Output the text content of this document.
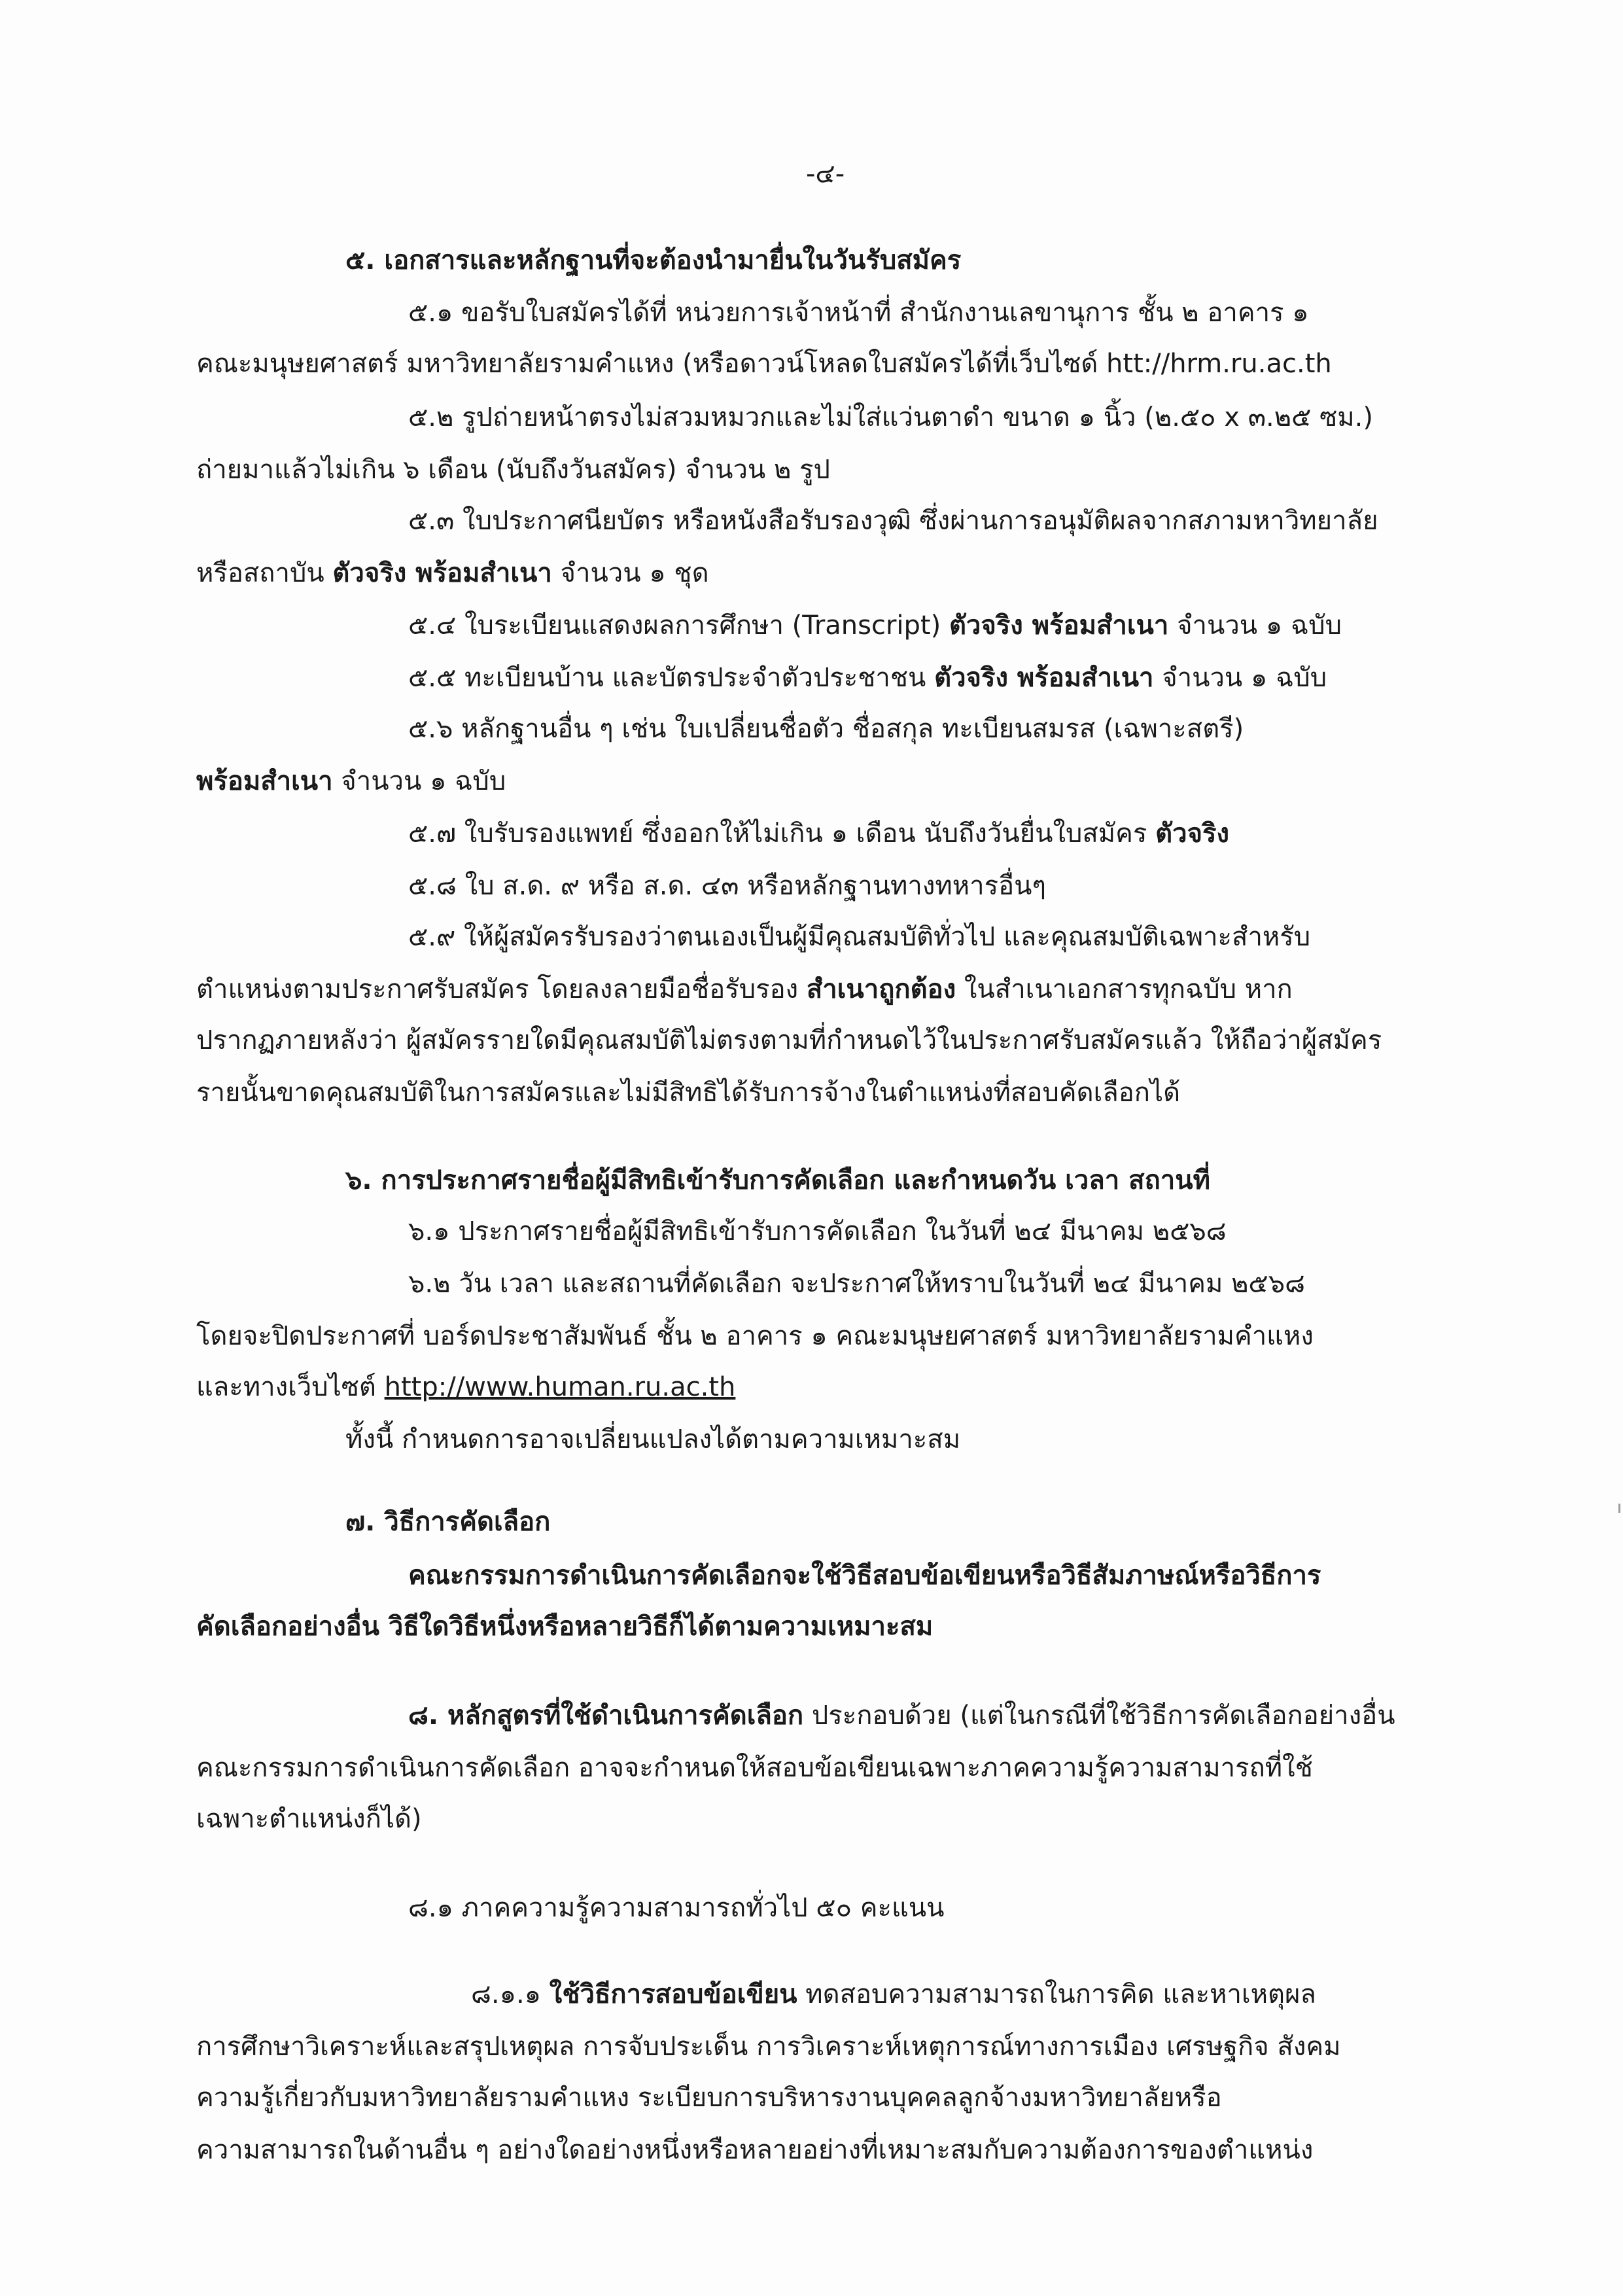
-๔-
๕. เอกสารและหลักฐานที่จะต้องนำมายื่นในวันรับสมัคร
๕.๑ ขอรับใบสมัครได้ที่ หน่วยการเจ้าหน้าที่ สำนักงานเลขานุการ ชั้น ๒ อาคาร ๑
คณะมนุษยศาสตร์ มหาวิทยาลัยรามคำแหง (หรือดาวน์โหลดใบสมัครได้ที่เว็บไซด์ htt://hrm.ru.ac.th
๕.๒ รูปถ่ายหน้าตรงไม่สวมหมวกและไม่ใส่แว่นตาดำ ขนาด ๑ นิ้ว (๒.๕๐ x ๓.๒๕ ซม.)
ถ่ายมาแล้วไม่เกิน ๖ เดือน (นับถึงวันสมัคร) จำนวน ๒ รูป
๕.๓ ใบประกาศนียบัตร หรือหนังสือรับรองวุฒิ ซึ่งผ่านการอนุมัติผลจากสภามหาวิทยาลัย
หรือสถาบัน ตัวจริง พร้อมสำเนา จำนวน ๑ ชุด
๕.๔ ใบระเบียนแสดงผลการศึกษา (Transcript) ตัวจริง พร้อมสำเนา จำนวน ๑ ฉบับ
๕.๕ ทะเบียนบ้าน และบัตรประจำตัวประชาชน ตัวจริง พร้อมสำเนา จำนวน ๑ ฉบับ
๕.๖ หลักฐานอื่น ๆ เช่น ใบเปลี่ยนชื่อตัว ชื่อสกุล ทะเบียนสมรส (เฉพาะสตรี)
พร้อมสำเนา จำนวน ๑ ฉบับ
๕.๗ ใบรับรองแพทย์ ซึ่งออกให้ไม่เกิน ๑ เดือน นับถึงวันยื่นใบสมัคร ตัวจริง
๕.๘ ใบ ส.ด. ๙ หรือ ส.ด. ๔๓ หรือหลักฐานทางทหารอื่นๆ
๕.๙ ให้ผู้สมัครรับรองว่าตนเองเป็นผู้มีคุณสมบัติทั่วไป และคุณสมบัติเฉพาะสำหรับ
ตำแหน่งตามประกาศรับสมัคร โดยลงลายมือชื่อรับรอง สำเนาถูกต้อง ในสำเนาเอกสารทุกฉบับ หาก
ปรากฏภายหลังว่า ผู้สมัครรายใดมีคุณสมบัติไม่ตรงตามที่กำหนดไว้ในประกาศรับสมัครแล้ว ให้ถือว่าผู้สมัคร
รายนั้นขาดคุณสมบัติในการสมัครและไม่มีสิทธิได้รับการจ้างในตำแหน่งที่สอบคัดเลือกได้
๖. การประกาศรายชื่อผู้มีสิทธิเข้ารับการคัดเลือก และกำหนดวัน เวลา สถานที่
๖.๑ ประกาศรายชื่อผู้มีสิทธิเข้ารับการคัดเลือก ในวันที่ ๒๔ มีนาคม ๒๕๖๘
๖.๒ วัน เวลา และสถานที่คัดเลือก จะประกาศให้ทราบในวันที่ ๒๔ มีนาคม ๒๕๖๘
โดยจะปิดประกาศที่ บอร์ดประชาสัมพันธ์ ชั้น ๒ อาคาร ๑ คณะมนุษยศาสตร์ มหาวิทยาลัยรามคำแหง
และทางเว็บไซต์ http://www.human.ru.ac.th
ทั้งนี้ กำหนดการอาจเปลี่ยนแปลงได้ตามความเหมาะสม
๗. วิธีการคัดเลือก
คณะกรรมการดำเนินการคัดเลือกจะใช้วิธีสอบข้อเขียนหรือวิธีสัมภาษณ์หรือวิธีการ
คัดเลือกอย่างอื่น วิธีใดวิธีหนึ่งหรือหลายวิธีก็ได้ตามความเหมาะสม
๘. หลักสูตรที่ใช้ดำเนินการคัดเลือก ประกอบด้วย (แต่ในกรณีที่ใช้วิธีการคัดเลือกอย่างอื่น
คณะกรรมการดำเนินการคัดเลือก อาจจะกำหนดให้สอบข้อเขียนเฉพาะภาคความรู้ความสามารถที่ใช้
เฉพาะตำแหน่งก็ได้)
๘.๑ ภาคความรู้ความสามารถทั่วไป ๕๐ คะแนน
๘.๑.๑ ใช้วิธีการสอบข้อเขียน ทดสอบความสามารถในการคิด และหาเหตุผล
การศึกษาวิเคราะห์และสรุปเหตุผล การจับประเด็น การวิเคราะห์เหตุการณ์ทางการเมือง เศรษฐกิจ สังคม
ความรู้เกี่ยวกับมหาวิทยาลัยรามคำแหง ระเบียบการบริหารงานบุคคลลูกจ้างมหาวิทยาลัยหรือ
ความสามารถในด้านอื่น ๆ อย่างใดอย่างหนึ่งหรือหลายอย่างที่เหมาะสมกับความต้องการของตำแหน่ง
